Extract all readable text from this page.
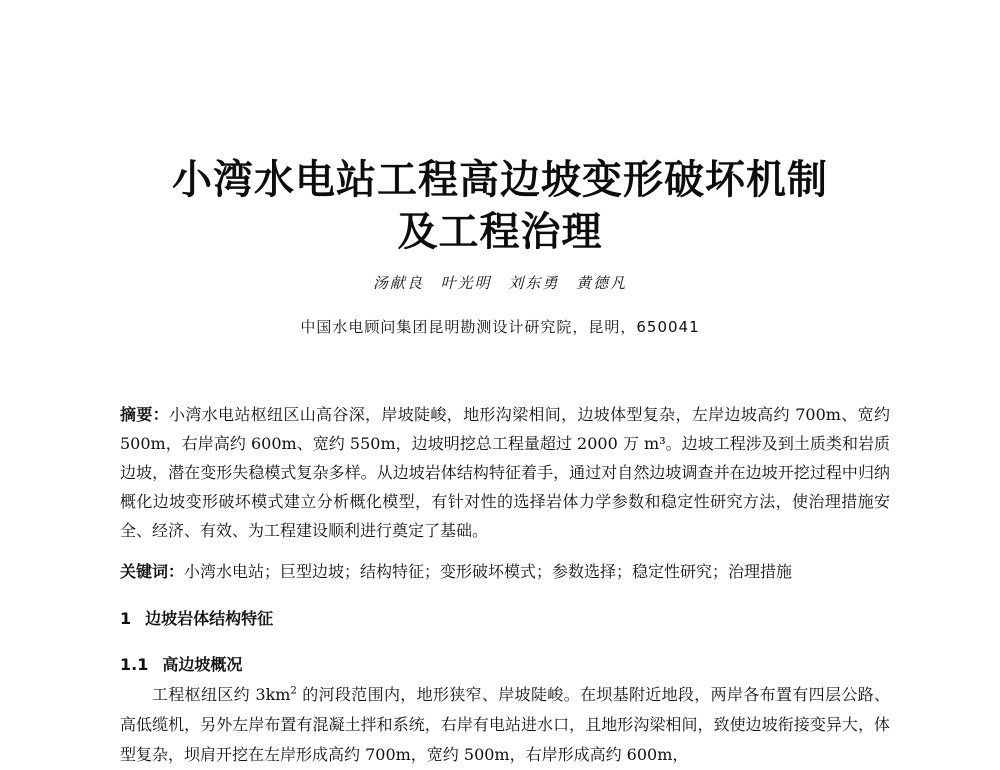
小湾水电站工程高边坡变形破坏机制
及工程治理
汤献良 叶光明 刘东勇 黄德凡
中国水电顾问集团昆明勘测设计研究院，昆明，650041
摘要：小湾水电站枢纽区山高谷深，岸坡陡峻，地形沟梁相间，边坡体型复杂，左岸边坡高约 700m、宽约 500m，右岸高约 600m、宽约 550m，边坡明挖总工程量超过 2000 万 m³。边坡工程涉及到土质类和岩质边坡，潜在变形失稳模式复杂多样。从边坡岩体结构特征着手，通过对自然边坡调查并在边坡开挖过程中归纳概化边坡变形破坏模式建立分析概化模型，有针对性的选择岩体力学参数和稳定性研究方法，使治理措施安全、经济、有效、为工程建设顺利进行奠定了基础。
关键词：小湾水电站；巨型边坡；结构特征；变形破坏模式；参数选择；稳定性研究；治理措施
1 边坡岩体结构特征
1.1 高边坡概况
工程枢纽区约 $3km^2$ 的河段范围内，地形狭窄、岸坡陡峻。在坝基附近地段，两岸各布置有四层公路、高低缆机，另外左岸布置有混凝土拌和系统，右岸有电站进水口，且地形沟梁相间，致使边坡衔接变异大，体型复杂，坝肩开挖在左岸形成高约 700m，宽约 500m，右岸形成高约 600m，
